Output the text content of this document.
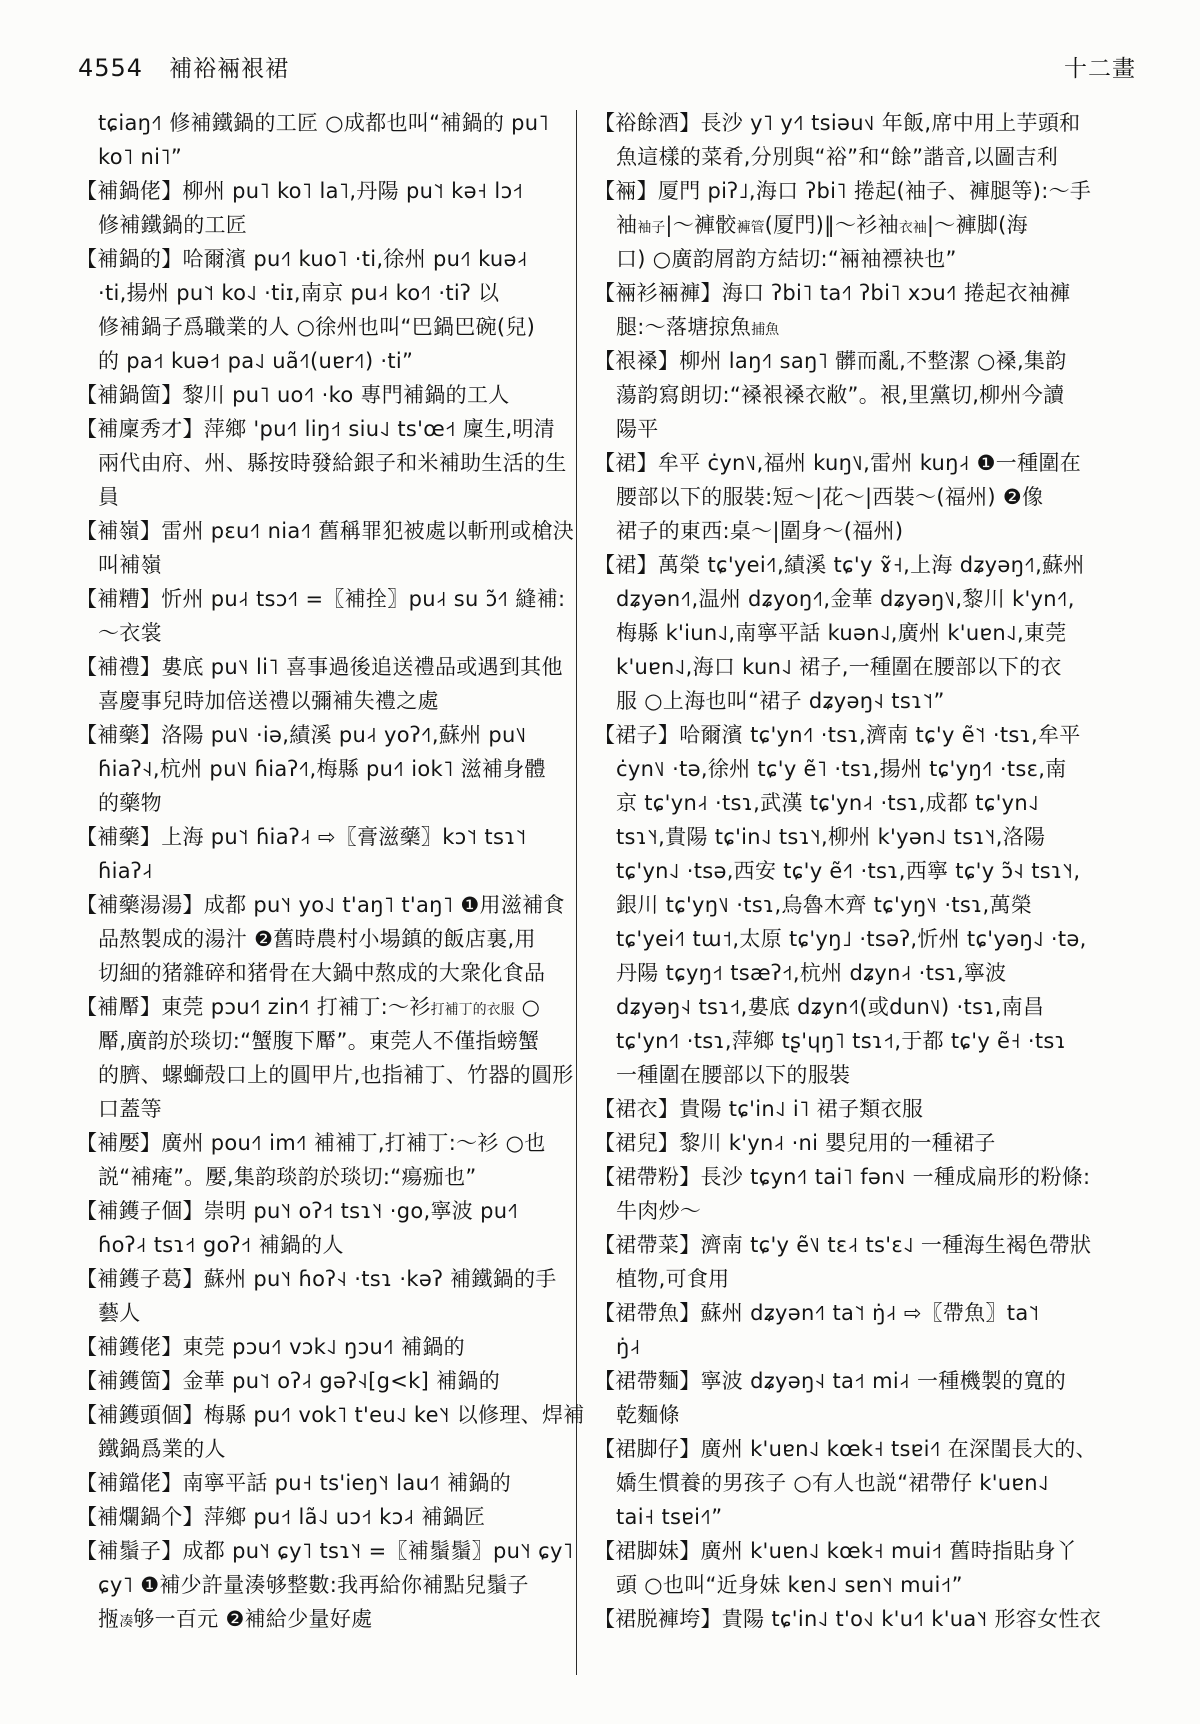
4554 補裕裲裉裙	十二畫
tɕiaŋ˧˥ 修補鐵鍋的工匠 ○成都也叫“補鍋的 pu˥
ko˥ ni˥”
【補鍋佬】柳州 pu˥ ko˥ la˥,丹陽 pu˥˦ kə˧ lɔ˧˦
修補鐵鍋的工匠
【補鍋的】哈爾濱 pu˧˥ kuo˥ ·ti,徐州 pu˧˥ kuə˨˧
·ti,揚州 pu˥˦ ko˨˩ ·tiɪ,南京 pu˨˧ ko˧˥ ·tiʔ 以
修補鍋子爲職業的人 ○徐州也叫“巴鍋巴碗(兒)
的 pa˧˦ kuə˧˦ pa˨˩ uã˧˥(uɐr˧˥) ·ti”
【補鍋箇】黎川 pu˥ uo˧˥ ·ko 專門補鍋的工人
【補廩秀才】萍鄉 'pu˧˥ liŋ˧˦ siu˨˩ ts'œ˧˦ 廩生,明清
兩代由府、州、縣按時發給銀子和米補助生活的生
員
【補嶺】雷州 pɛu˧˥ nia˧˥ 舊稱罪犯被處以斬刑或槍決
叫補嶺
【補糟】忻州 pu˨˧ tsɔ˧˥ =〖補拴〗pu˨˧ su ɔ̃˧˥ 縫補:
～衣裳
【補禮】婁底 pu˥˨ li˥ 喜事過後追送禮品或遇到其他
喜慶事兒時加倍送禮以彌補失禮之處
【補藥】洛陽 pu˥˩ ·iə,績溪 pu˨˧ yoʔ˧˥,蘇州 pu˥˩
ɦiaʔ˧˨,杭州 pu˥˩ ɦiaʔ˧˥,梅縣 pu˧˥ iok˥ 滋補身體
的藥物
【補藥】上海 pu˥˦ ɦiaʔ˨˧ ⇨〖膏滋藥〗kɔ˥˦ tsɿ˥˦
ɦiaʔ˨˧
【補藥湯湯】成都 pu˥˧ yo˨˩ t'aŋ˥ t'aŋ˥ ❶用滋補食
品熬製成的湯汁 ❷舊時農村小場鎮的飯店裏,用
切細的猪雜碎和猪骨在大鍋中熬成的大衆化食品
【補厴】東莞 pɔu˧˥ zin˧˥ 打補丁:～衫打補丁的衣服 ○
厴,廣韵於琰切:“蟹腹下厴”。東莞人不僅指螃蟹
的臍、螺螄殻口上的圓甲片,也指補丁、竹器的圓形
口蓋等
【補嬮】廣州 pou˧˥ im˧˥ 補補丁,打補丁:～衫 ○也
説“補痷”。嬮,集韵琰韵於琰切:“瘍痂也”
【補鑊子個】崇明 pu˥˧ oʔ˧˦ tsɿ˥˧ ·go,寧波 pu˧˥
ɦoʔ˨˧ tsɿ˧˦ goʔ˧˦ 補鍋的人
【補鑊子葛】蘇州 pu˥˧ ɦoʔ˧˨ ·tsɿ ·kəʔ 補鐵鍋的手
藝人
【補鑊佬】東莞 pɔu˧˥ vɔk˨˩ ŋɔu˧˥ 補鍋的
【補鑊箇】金華 pu˥˦ oʔ˨˧ gəʔ˧˨[g<k] 補鍋的
【補鑊頭個】梅縣 pu˧˥ vok˥ t'eu˨˩ ke˥˧ 以修理、焊補
鐵鍋爲業的人
【補鐺佬】南寧平話 pu˧ ts'ieŋ˥˧ lau˧˥ 補鍋的
【補爛鍋个】萍鄉 pu˧˦ lã˨˩ uɔ˧˦ kɔ˨˧ 補鍋匠
【補鬚子】成都 pu˥˧ ɕy˥ tsɿ˥˧ =〖補鬚鬚〗pu˥˧ ɕy˥
ɕy˥ ❶補少許量湊够整數:我再給你補點兒鬚子
揯凑够一百元 ❷補給少量好處
【裕餘酒】長沙 y˥ y˧˥ tsiəu˦˩ 年飯,席中用上芋頭和
魚這樣的菜肴,分別與“裕”和“餘”諧音,以圖吉利
【裲】厦門 piʔ˩,海口 ʔbi˥ 捲起(袖子、褲腿等):～手
袖袖子|～褲骹褲管(厦門)‖～衫袖衣袖|～褲脚(海
口) ○廣韵屑韵方結切:“裲袖褾袂也”
【裲衫裲褲】海口 ʔbi˥ ta˧˥ ʔbi˥ xɔu˧˥ 捲起衣袖褲
腿:～落塘掠魚捕魚
【裉褬】柳州 laŋ˧˥ saŋ˥ 髒而亂,不整潔 ○褬,集韵
蕩韵寫朗切:“褬裉褬衣敝”。裉,里黨切,柳州今讀
陽平
【裙】牟平 ċyn˥˩,福州 kuŋ˥˩,雷州 kuŋ˨˧ ❶一種圍在
腰部以下的服裝:短～|花～|西裝～(福州) ❷像
裙子的東西:桌～|圍身～(福州)
【裙】萬榮 tɕ'yei˧˥,績溪 tɕ'y ɤ̃˧,上海 dʑyəŋ˧˥,蘇州
dʑyən˧˥,温州 dʑyoŋ˧˥,金華 dʑyəŋ˥˩,黎川 k'yn˧˥,
梅縣 k'iun˨˩,南寧平話 kuən˨˩,廣州 k'uɐn˨˩,東莞
k'uɐn˨˩,海口 kun˨˩ 裙子,一種圍在腰部以下的衣
服 ○上海也叫“裙子 dʑyəŋ˧˨ tsɿ˥˦”
【裙子】哈爾濱 tɕ'yn˧˥ ·tsɿ,濟南 tɕ'y ẽ˥˦ ·tsɿ,牟平
ċyn˥˩ ·tə,徐州 tɕ'y ẽ˥ ·tsɿ,揚州 tɕ'yŋ˧˥ ·tsɛ,南
京 tɕ'yn˨˧ ·tsɿ,武漢 tɕ'yn˨˧ ·tsɿ,成都 tɕ'yn˨˩
tsɿ˥˧,貴陽 tɕ'in˨˩ tsɿ˥˧,柳州 k'yən˨˩ tsɿ˥˧,洛陽
tɕ'yn˨˩ ·tsə,西安 tɕ'y ẽ˧˥ ·tsɿ,西寧 tɕ'y ɔ̃˧˨ tsɿ˥˧,
銀川 tɕ'yŋ˥˩ ·tsɿ,烏魯木齊 tɕ'yŋ˥˨ ·tsɿ,萬榮
tɕ'yei˧˥ tɯ˦,太原 tɕ'yŋ˩ ·tsəʔ,忻州 tɕ'yəŋ˨˩ ·tə,
丹陽 tɕyŋ˧˦ tsæʔ˧˦,杭州 dʑyn˨˧ ·tsɿ,寧波
dʑyəŋ˧˨ tsɿ˧˦,婁底 dʑyn˧˥(或dun˥˩) ·tsɿ,南昌
tɕ'yn˧˥ ·tsɿ,萍鄉 tʂ'ɥŋ˥ tsɿ˧˦,于都 tɕ'y ẽ˧ ·tsɿ
一種圍在腰部以下的服裝
【裙衣】貴陽 tɕ'in˨˩ i˥ 裙子類衣服
【裙兒】黎川 k'yn˨˧ ·ni 嬰兒用的一種裙子
【裙帶粉】長沙 tɕyn˧˥ tai˥ fən˦˩ 一種成扁形的粉條:
牛肉炒～
【裙帶菜】濟南 tɕ'y ẽ˥˩ tɛ˨˧ ts'ɛ˨˩ 一種海生褐色帶狀
植物,可食用
【裙帶魚】蘇州 dʑyən˧˥ ta˥˦ ŋ̇˨˧ ⇨〖帶魚〗ta˥˦
ŋ̇˨˧
【裙帶麵】寧波 dʑyəŋ˧˨ ta˧˦ mi˨˧ 一種機製的寬的
乾麵條
【裙脚仔】廣州 k'uɐn˨˩ kœk˧ tsɐi˧˥ 在深閨長大的、
嬌生慣養的男孩子 ○有人也説“裙帶仔 k'uɐn˨˩
tai˧ tsɐi˧˥”
【裙脚妹】廣州 k'uɐn˨˩ kœk˧ mui˧˦ 舊時指貼身丫
頭 ○也叫“近身妹 kɐn˨˩ sɐn˥˧ mui˧˦”
【裙脱褲垮】貴陽 tɕ'in˨˩ t'o˧˩ k'u˧˥ k'ua˥˧ 形容女性衣
